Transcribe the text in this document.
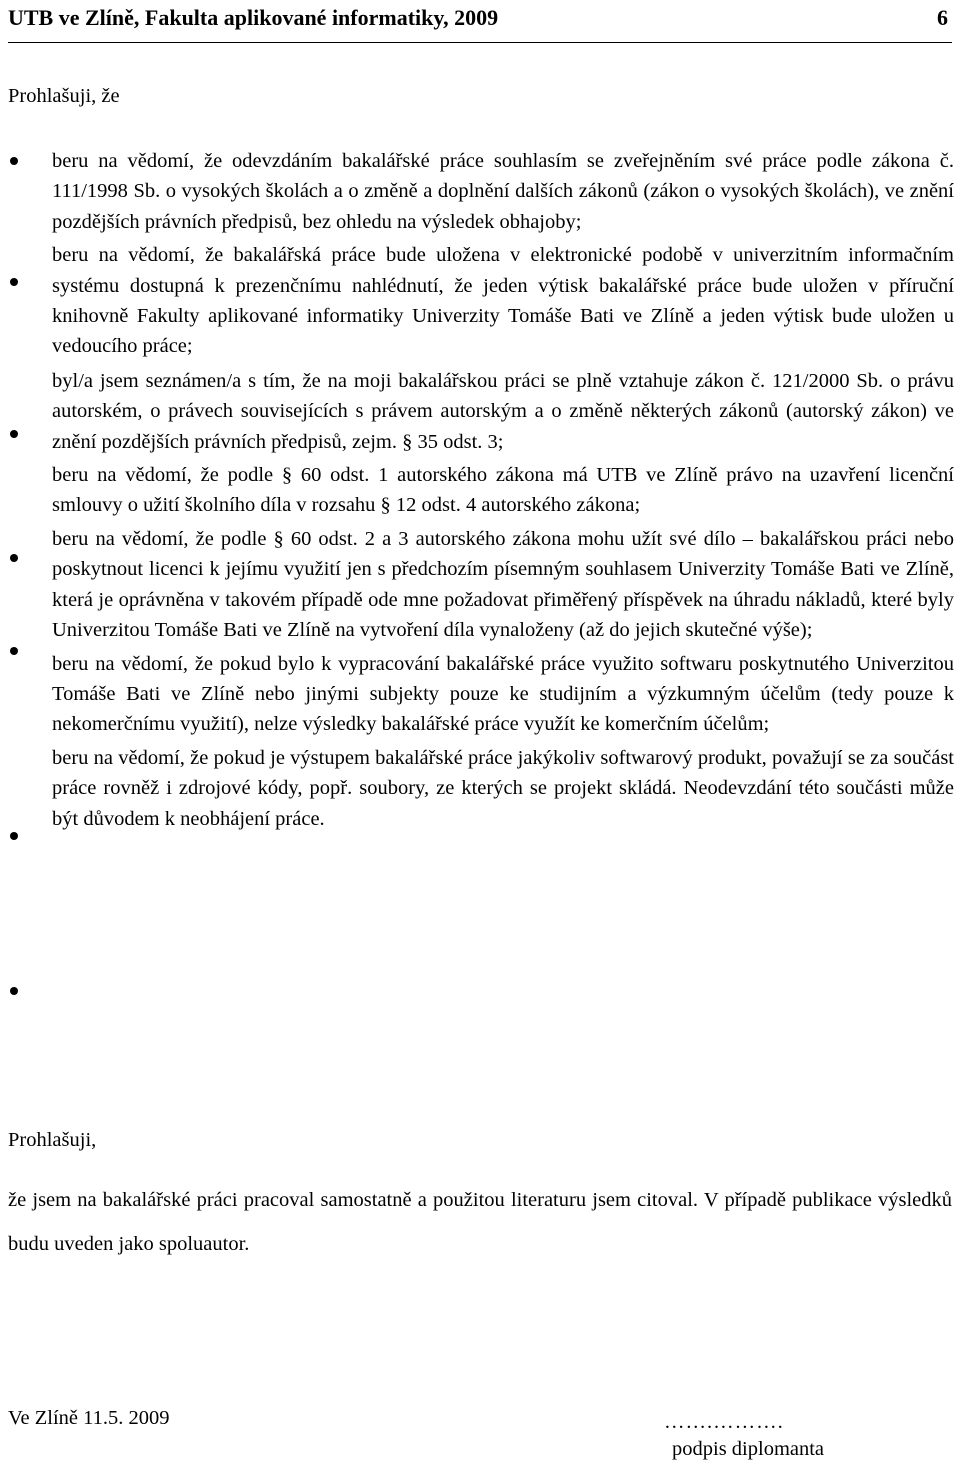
UTB ve Zlíně, Fakulta aplikované informatiky, 2009	6
Prohlašuji, že

beru na vědomí, že odevzdáním bakalářské práce souhlasím se zveřejněním své práce podle zákona č. 111/1998 Sb. o vysokých školách a o změně a doplnění dalších zákonů (zákon o vysokých školách), ve znění pozdějších právních předpisů, bez ohledu na výsledek obhajoby;

beru na vědomí, že bakalářská práce bude uložena v elektronické podobě v univerzitním informačním systému dostupná k prezenčnímu nahlédnutí, že jeden výtisk bakalářské práce bude uložen v příruční knihovně Fakulty aplikované informatiky Univerzity Tomáše Bati ve Zlíně a jeden výtisk bude uložen u vedoucího práce;

byl/a jsem seznámen/a s tím, že na moji bakalářskou práci se plně vztahuje zákon č. 121/2000 Sb. o právu autorském, o právech souvisejících s právem autorským a o změně některých zákonů (autorský zákon) ve znění pozdějších právních předpisů, zejm. § 35 odst. 3;

beru na vědomí, že podle § 60 odst. 1 autorského zákona má UTB ve Zlíně právo na uzavření licenční smlouvy o užití školního díla v rozsahu § 12 odst. 4 autorského zákona;

beru na vědomí, že podle § 60 odst. 2 a 3 autorského zákona mohu užít své dílo – bakalářskou práci nebo poskytnout licenci k jejímu využití jen s předchozím písemným souhlasem Univerzity Tomáše Bati ve Zlíně, která je oprávněna v takovém případě ode mne požadovat přiměřený příspěvek na úhradu nákladů, které byly Univerzitou Tomáše Bati ve Zlíně na vytvoření díla vynaloženy (až do jejich skutečné výše);

beru na vědomí, že pokud bylo k vypracování bakalářské práce využito softwaru poskytnutého Univerzitou Tomáše Bati ve Zlíně nebo jinými subjekty pouze ke studijním a výzkumným účelům (tedy pouze k nekomerčnímu využití), nelze výsledky bakalářské práce využít ke komerčním účelům;

beru na vědomí, že pokud je výstupem bakalářské práce jakýkoliv softwarový produkt, považují se za součást práce rovněž i zdrojové kódy, popř. soubory, ze kterých se projekt skládá. Neodevzdání této součásti může být důvodem k neobhájení práce.

Prohlašuji,
že jsem na bakalářské práci pracoval samostatně a použitou literaturu jsem citoval. V případě publikace výsledků budu uveden jako spoluautor.
Ve Zlíně 11.5. 2009	…….……….
podpis diplomanta
